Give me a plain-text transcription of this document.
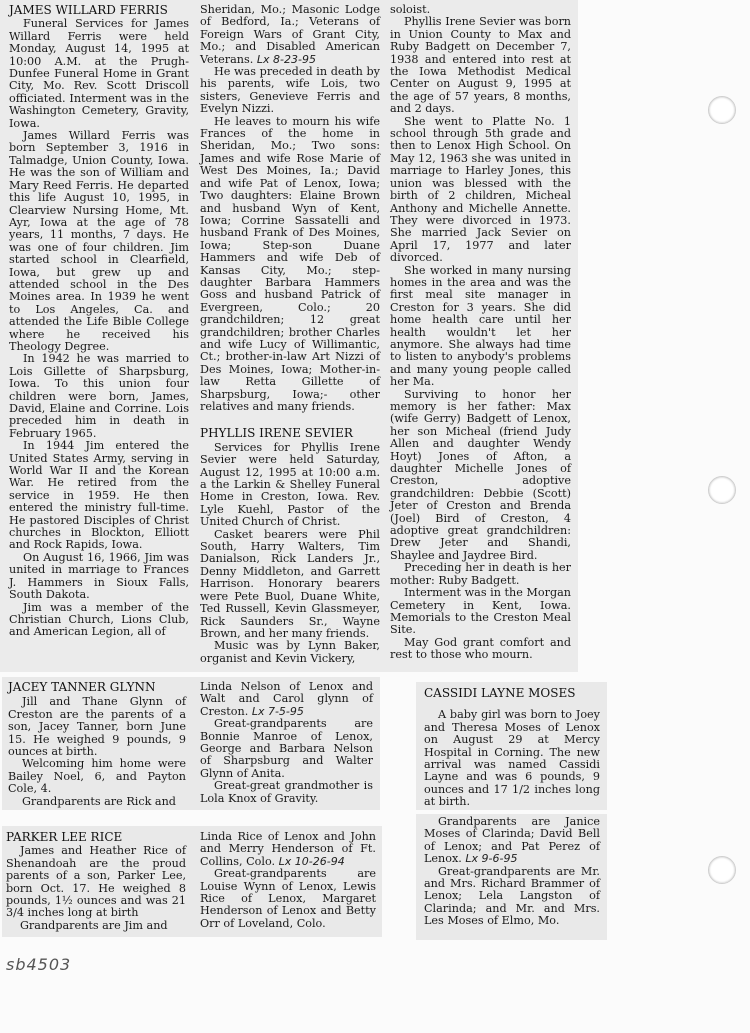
JAMES WILLARD FERRIS

Funeral Services for James Willard Ferris were held Monday, August 14, 1995 at 10:00 A.M. at the Prugh-Dunfee Funeral Home in Grant City, Mo. Rev. Scott Driscoll officiated. Interment was in the Washington Cemetery, Gravity, Iowa.

James Willard Ferris was born September 3, 1916 in Talmadge, Union County, Iowa. He was the son of William and Mary Reed Ferris. He departed this life August 10, 1995, in Clearview Nursing Home, Mt. Ayr, Iowa at the age of 78 years, 11 months, 7 days. He was one of four children. Jim started school in Clearfield, Iowa, but grew up and attended school in the Des Moines area. In 1939 he went to Los Angeles, Ca. and attended the Life Bible College where he received his Theology Degree.

In 1942 he was married to Lois Gillette of Sharpsburg, Iowa. To this union four children were born, James, David, Elaine and Corrine. Lois preceded him in death in February 1965.

In 1944 Jim entered the United States Army, serving in World War II and the Korean War. He retired from the service in 1959. He then entered the ministry full-time. He pastored Disciples of Christ churches in Blockton, Elliott and Rock Rapids, Iowa.

On August 16, 1966, Jim was united in marriage to Frances J. Hammers in Sioux Falls, South Dakota.

Jim was a member of the Christian Church, Lions Club, and American Legion, all of

Sheridan, Mo.; Masonic Lodge of Bedford, Ia.; Veterans of Foreign Wars of Grant City, Mo.; and Disabled American Veterans. Lx 8-23-95

He was preceded in death by his parents, wife Lois, two sisters, Genevieve Ferris and Evelyn Nizzi.

He leaves to mourn his wife Frances of the home in Sheridan, Mo.; Two sons: James and wife Rose Marie of West Des Moines, Ia.; David and wife Pat of Lenox, Iowa; Two daughters: Elaine Brown and husband Wyn of Kent, Iowa; Corrine Sassatelli and husband Frank of Des Moines, Iowa; Step-son Duane Hammers and wife Deb of Kansas City, Mo.; step-daughter Barbara Hammers Goss and husband Patrick of Evergreen, Colo.; 20 grandchildren; 12 great grandchildren; brother Charles and wife Lucy of Willimantic, Ct.; brother-in-law Art Nizzi of Des Moines, Iowa; Mother-in-law Retta Gillette of Sharpsburg, Iowa;- other relatives and many friends.

PHYLLIS IRENE SEVIER

Services for Phyllis Irene Sevier were held Saturday, August 12, 1995 at 10:00 a.m. a the Larkin & Shelley Funeral Home in Creston, Iowa. Rev. Lyle Kuehl, Pastor of the United Church of Christ.

Casket bearers were Phil South, Harry Walters, Tim Danialson, Rick Landers Jr., Denny Middleton, and Garrett Harrison. Honorary bearers were Pete Buol, Duane White, Ted Russell, Kevin Glassmeyer, Rick Saunders Sr., Wayne Brown, and her many friends.

Music was by Lynn Baker, organist and Kevin Vickery,

soloist.

Phyllis Irene Sevier was born in Union County to Max and Ruby Badgett on December 7, 1938 and entered into rest at the Iowa Methodist Medical Center on August 9, 1995 at the age of 57 years, 8 months, and 2 days.

She went to Platte No. 1 school through 5th grade and then to Lenox High School. On May 12, 1963 she was united in marriage to Harley Jones, this union was blessed with the birth of 2 children, Micheal Anthony and Michelle Annette. They were divorced in 1973. She married Jack Sevier on April 17, 1977 and later divorced.

She worked in many nursing homes in the area and was the first meal site manager in Creston for 3 years. She did home health care until her health wouldn't let her anymore. She always had time to listen to anybody's problems and many young people called her Ma.

Surviving to honor her memory is her father: Max (wife Gerry) Badgett of Lenox, her son Micheal (friend Judy Allen and daughter Wendy Hoyt) Jones of Afton, a daughter Michelle Jones of Creston, adoptive grandchildren: Debbie (Scott) Jeter of Creston and Brenda (Joel) Bird of Creston, 4 adoptive great grandchildren: Drew Jeter and Shandi, Shaylee and Jaydree Bird.

Preceding her in death is her mother: Ruby Badgett.

Interment was in the Morgan Cemetery in Kent, Iowa. Memorials to the Creston Meal Site.

May God grant comfort and rest to those who mourn.

JACEY TANNER GLYNN

Jill and Thane Glynn of Creston are the parents of a son, Jacey Tanner, born June 15. He weighed 9 pounds, 9 ounces at birth.

Welcoming him home were Bailey Noel, 6, and Payton Cole, 4.

Grandparents are Rick and

Linda Nelson of Lenox and Walt and Carol glynn of Creston. Lx 7-5-95

Great-grandparents are Bonnie Manroe of Lenox, George and Barbara Nelson of Sharpsburg and Walter Glynn of Anita.

Great-great grandmother is Lola Knox of Gravity.

PARKER LEE RICE

James and Heather Rice of Shenandoah are the proud parents of a son, Parker Lee, born Oct. 17. He weighed 8 pounds, 1½ ounces and was 21 3/4 inches long at birth

Grandparents are Jim and

Linda Rice of Lenox and John and Merry Henderson of Ft. Collins, Colo. Lx 10-26-94

Great-grandparents are Louise Wynn of Lenox, Lewis Rice of Lenox, Margaret Henderson of Lenox and Betty Orr of Loveland, Colo.

CASSIDI LAYNE MOSES

A baby girl was born to Joey and Theresa Moses of Lenox on August 29 at Mercy Hospital in Corning. The new arrival was named Cassidi Layne and was 6 pounds, 9 ounces and 17 1/2 inches long at birth.

Grandparents are Janice Moses of Clarinda; David Bell of Lenox; and Pat Perez of Lenox. Lx 9-6-95

Great-grandparents are Mr. and Mrs. Richard Brammer of Lenox; Lela Langston of Clarinda; and Mr. and Mrs. Les Moses of Elmo, Mo.

sb4503
